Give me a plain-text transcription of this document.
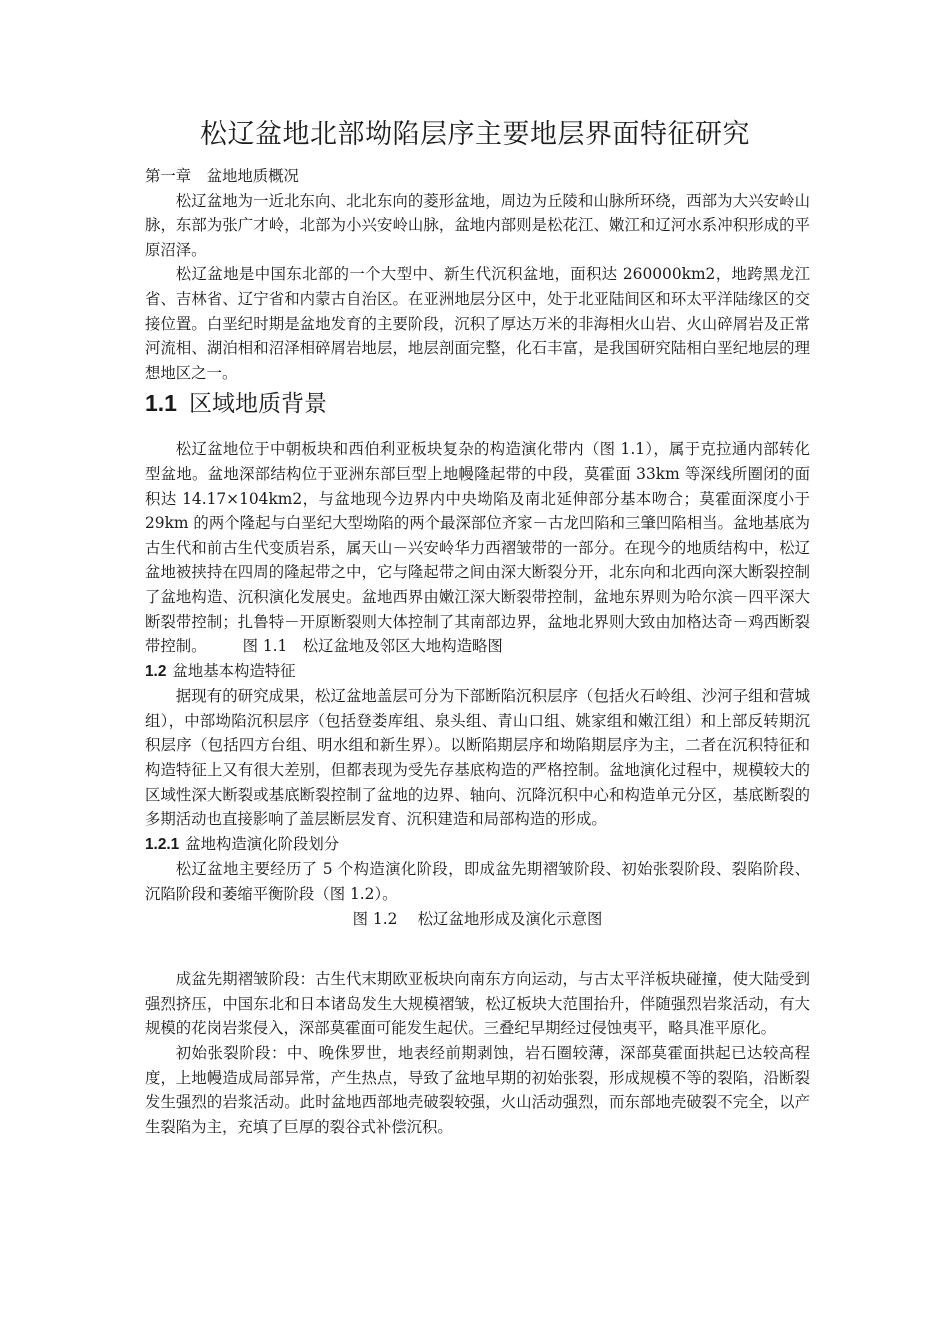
松辽盆地北部坳陷层序主要地层界面特征研究

第一章　盆地地质概况

松辽盆地为一近北东向、北北东向的菱形盆地，周边为丘陵和山脉所环绕，西部为大兴安岭山脉，东部为张广才岭，北部为小兴安岭山脉，盆地内部则是松花江、嫩江和辽河水系冲积形成的平原沼泽。

松辽盆地是中国东北部的一个大型中、新生代沉积盆地，面积达 260000km2，地跨黑龙江省、吉林省、辽宁省和内蒙古自治区。在亚洲地层分区中，处于北亚陆间区和环太平洋陆缘区的交接位置。白垩纪时期是盆地发育的主要阶段，沉积了厚达万米的非海相火山岩、火山碎屑岩及正常河流相、湖泊相和沼泽相碎屑岩地层，地层剖面完整，化石丰富，是我国研究陆相白垩纪地层的理想地区之一。

1.1 区域地质背景

松辽盆地位于中朝板块和西伯利亚板块复杂的构造演化带内（图 1.1），属于克拉通内部转化型盆地。盆地深部结构位于亚洲东部巨型上地幔隆起带的中段，莫霍面 33km 等深线所圈闭的面积达 14.17×104km2，与盆地现今边界内中央坳陷及南北延伸部分基本吻合；莫霍面深度小于 29km 的两个隆起与白垩纪大型坳陷的两个最深部位齐家－古龙凹陷和三肇凹陷相当。盆地基底为古生代和前古生代变质岩系，属天山－兴安岭华力西褶皱带的一部分。在现今的地质结构中，松辽盆地被挟持在四周的隆起带之中，它与隆起带之间由深大断裂分开，北东向和北西向深大断裂控制了盆地构造、沉积演化发展史。盆地西界由嫩江深大断裂带控制，盆地东界则为哈尔滨－四平深大断裂带控制；扎鲁特－开原断裂则大体控制了其南部边界，盆地北界则大致由加格达奇－鸡西断裂带控制。 图 1.1　松辽盆地及邻区大地构造略图

1.2 盆地基本构造特征

据现有的研究成果，松辽盆地盖层可分为下部断陷沉积层序（包括火石岭组、沙河子组和营城组），中部坳陷沉积层序（包括登娄库组、泉头组、青山口组、姚家组和嫩江组）和上部反转期沉积层序（包括四方台组、明水组和新生界）。以断陷期层序和坳陷期层序为主，二者在沉积特征和构造特征上又有很大差别，但都表现为受先存基底构造的严格控制。盆地演化过程中，规模较大的区域性深大断裂或基底断裂控制了盆地的边界、轴向、沉降沉积中心和构造单元分区，基底断裂的多期活动也直接影响了盖层断层发育、沉积建造和局部构造的形成。

1.2.1 盆地构造演化阶段划分

松辽盆地主要经历了 5 个构造演化阶段，即成盆先期褶皱阶段、初始张裂阶段、裂陷阶段、沉陷阶段和萎缩平衡阶段（图 1.2）。

图 1.2　 松辽盆地形成及演化示意图

成盆先期褶皱阶段：古生代末期欧亚板块向南东方向运动，与古太平洋板块碰撞，使大陆受到强烈挤压，中国东北和日本诸岛发生大规模褶皱，松辽板块大范围抬升，伴随强烈岩浆活动，有大规模的花岗岩浆侵入，深部莫霍面可能发生起伏。三叠纪早期经过侵蚀夷平，略具准平原化。

初始张裂阶段：中、晚侏罗世，地表经前期剥蚀，岩石圈较薄，深部莫霍面拱起已达较高程度，上地幔造成局部异常，产生热点，导致了盆地早期的初始张裂，形成规模不等的裂陷，沿断裂发生强烈的岩浆活动。此时盆地西部地壳破裂较强，火山活动强烈，而东部地壳破裂不完全，以产生裂陷为主，充填了巨厚的裂谷式补偿沉积。
